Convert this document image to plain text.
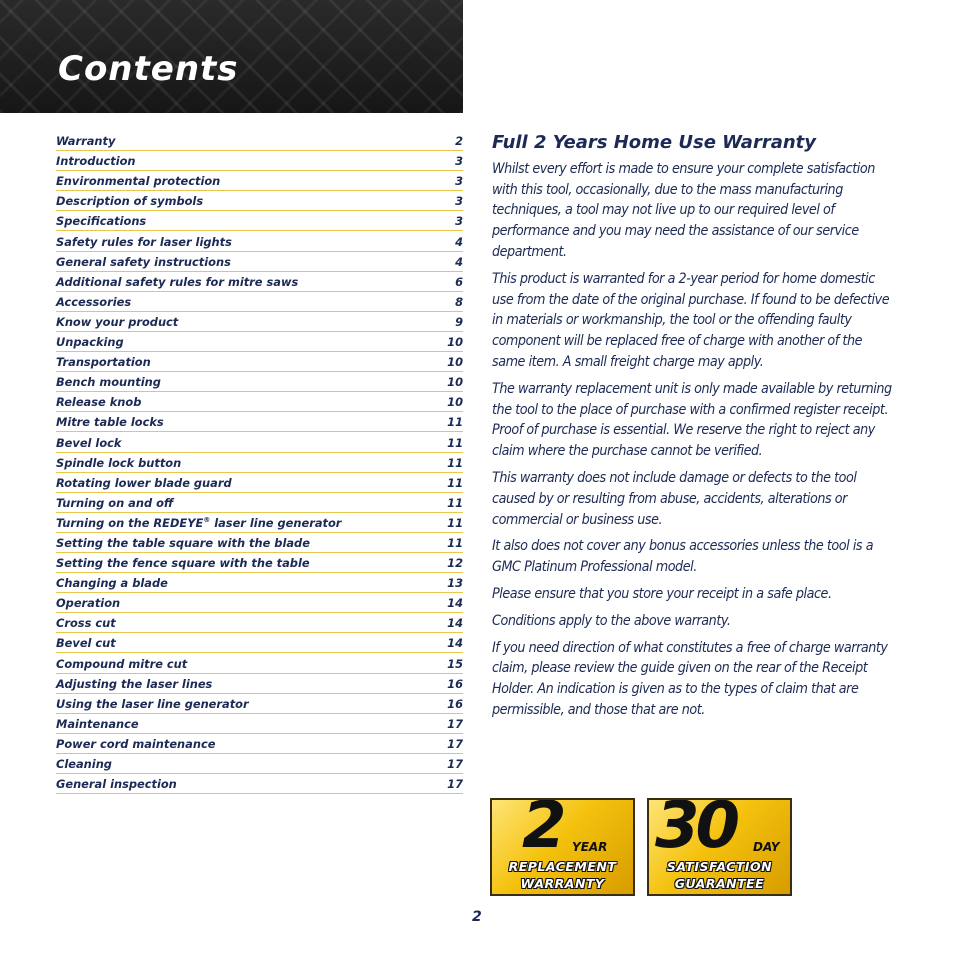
Contents
Warranty	2
Introduction	3
Environmental protection	3
Description of symbols	3
Specifications	3
Safety rules for laser lights	4
General safety instructions	4
Additional safety rules for mitre saws	6
Accessories	8
Know your product	9
Unpacking	10
Transportation	10
Bench mounting	10
Release knob	10
Mitre table locks	11
Bevel lock	11
Spindle lock button	11
Rotating lower blade guard	11
Turning on and off	11
Turning on the REDEYE® laser line generator	11
Setting the table square with the blade	11
Setting the fence square with the table	12
Changing a blade	13
Operation	14
Cross cut	14
Bevel cut	14
Compound mitre cut	15
Adjusting the laser lines	16
Using the laser line generator	16
Maintenance	17
Power cord maintenance	17
Cleaning	17
General inspection	17
Full 2 Years Home Use Warranty

Whilst every effort is made to ensure your complete satisfaction with this tool, occasionally, due to the mass manufacturing techniques, a tool may not live up to our required level of performance and you may need the assistance of our service department.

This product is warranted for a 2-year period for home domestic use from the date of the original purchase. If found to be defective in materials or workmanship, the tool or the offending faulty component will be replaced free of charge with another of the same item. A small freight charge may apply.

The warranty replacement unit is only made available by returning the tool to the place of purchase with a confirmed register receipt. Proof of purchase is essential. We reserve the right to reject any claim where the purchase cannot be verified.

This warranty does not include damage or defects to the tool caused by or resulting from abuse, accidents, alterations or commercial or business use.

It also does not cover any bonus accessories unless the tool is a GMC Platinum Professional model.

Please ensure that you store your receipt in a safe place.

Conditions apply to the above warranty.

If you need direction of what constitutes a free of charge warranty claim, please review the guide given on the rear of the Receipt Holder. An indication is given as to the types of claim that are permissible, and those that are not.

2 YEAR
REPLACEMENT
WARRANTY
30 DAY
SATISFACTION
GUARANTEE
2
